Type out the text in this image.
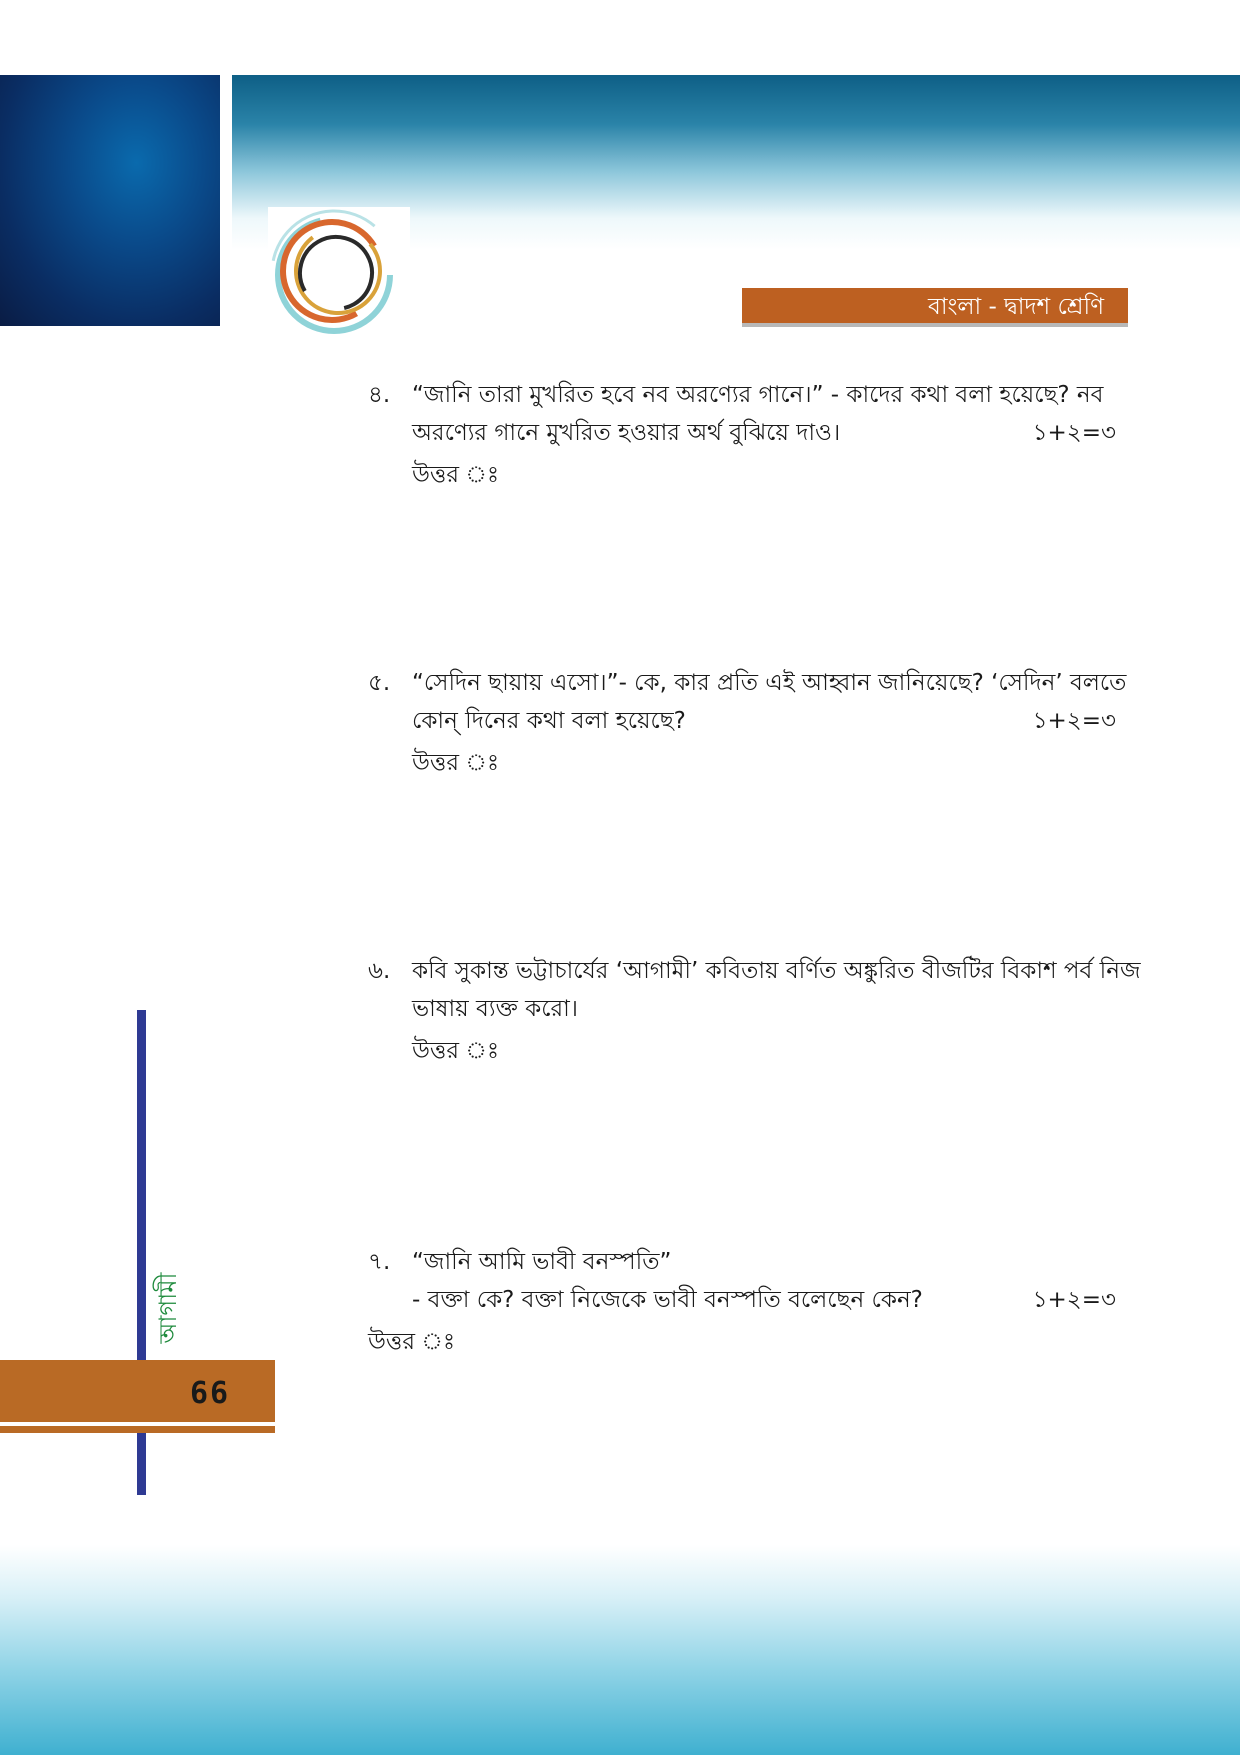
বাংলা - দ্বাদশ শ্রেণি
৪. “জানি তারা মুখরিত হবে নব অরণ্যের গানে।” - কাদের কথা বলা হয়েছে? নব
অরণ্যের গানে মুখরিত হওয়ার অর্থ বুঝিয়ে দাও।	১+২=৩
উত্তর ঃ
৫. “সেদিন ছায়ায় এসো।”- কে, কার প্রতি এই আহ্বান জানিয়েছে? ‘সেদিন’ বলতে
কোন্ দিনের কথা বলা হয়েছে?	১+২=৩
উত্তর ঃ
৬. কবি সুকান্ত ভট্টাচার্যের ‘আগামী’ কবিতায় বর্ণিত অঙ্কুরিত বীজটির বিকাশ পর্ব নিজ
ভাষায় ব্যক্ত করো।
উত্তর ঃ
৭. “জানি আমি ভাবী বনস্পতি”
- বক্তা কে? বক্তা নিজেকে ভাবী বনস্পতি বলেছেন কেন?	১+২=৩
উত্তর ঃ
আগামী
66
